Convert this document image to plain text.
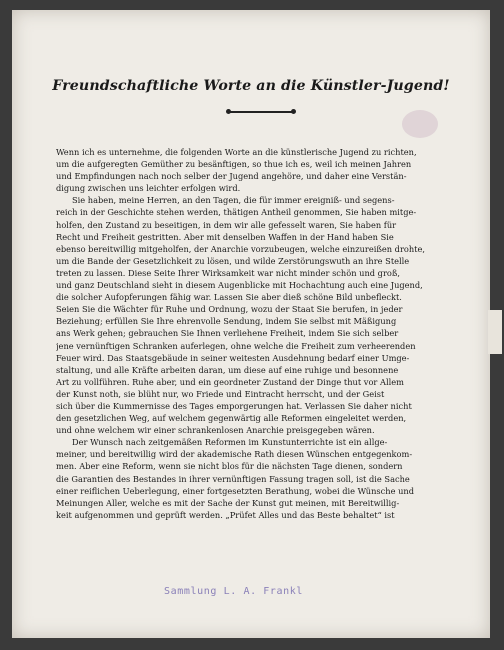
Freundschaftliche Worte an die Künstler-Jugend!
Wenn ich es unternehme, die folgenden Worte an die künstlerische Jugend zu richten,
um die aufgeregten Gemüther zu besänftigen, so thue ich es, weil ich meinen Jahren
und Empfindungen nach noch selber der Jugend angehöre, und daher eine Verstän-
digung zwischen uns leichter erfolgen wird.
Sie haben, meine Herren, an den Tagen, die für immer ereigniß- und segens-
reich in der Geschichte stehen werden, thätigen Antheil genommen, Sie haben mitge-
holfen, den Zustand zu beseitigen, in dem wir alle gefesselt waren, Sie haben für
Recht und Freiheit gestritten. Aber mit denselben Waffen in der Hand haben Sie
ebenso bereitwillig mitgeholfen, der Anarchie vorzubeugen, welche einzureißen drohte,
um die Bande der Gesetzlichkeit zu lösen, und wilde Zerstörungswuth an ihre Stelle
treten zu lassen. Diese Seite Ihrer Wirksamkeit war nicht minder schön und groß,
und ganz Deutschland sieht in diesem Augenblicke mit Hochachtung auch eine Jugend,
die solcher Aufopferungen fähig war. Lassen Sie aber dieß schöne Bild unbefleckt.
Seien Sie die Wächter für Ruhe und Ordnung, wozu der Staat Sie berufen, in jeder
Beziehung; erfüllen Sie Ihre ehrenvolle Sendung, indem Sie selbst mit Mäßigung
ans Werk gehen; gebrauchen Sie Ihnen verliehene Freiheit, indem Sie sich selber
jene vernünftigen Schranken auferlegen, ohne welche die Freiheit zum verheerenden
Feuer wird. Das Staatsgebäude in seiner weitesten Ausdehnung bedarf einer Umge-
staltung, und alle Kräfte arbeiten daran, um diese auf eine ruhige und besonnene
Art zu vollführen. Ruhe aber, und ein geordneter Zustand der Dinge thut vor Allem
der Kunst noth, sie blüht nur, wo Friede und Eintracht herrscht, und der Geist
sich über die Kummernisse des Tages emporgerungen hat. Verlassen Sie daher nicht
den gesetzlichen Weg, auf welchem gegenwärtig alle Reformen eingeleitet werden,
und ohne welchem wir einer schrankenlosen Anarchie preisgegeben wären.
Der Wunsch nach zeitgemäßen Reformen im Kunstunterrichte ist ein allge-
meiner, und bereitwillig wird der akademische Rath diesen Wünschen entgegenkom-
men. Aber eine Reform, wenn sie nicht blos für die nächsten Tage dienen, sondern
die Garantien des Bestandes in ihrer vernünftigen Fassung tragen soll, ist die Sache
einer reiflichen Ueberlegung, einer fortgesetzten Berathung, wobei die Wünsche und
Meinungen Aller, welche es mit der Sache der Kunst gut meinen, mit Bereitwillig-
keit aufgenommen und geprüft werden. „Prüfet Alles und das Beste behaltet“ ist
Sammlung L. A. Frankl
